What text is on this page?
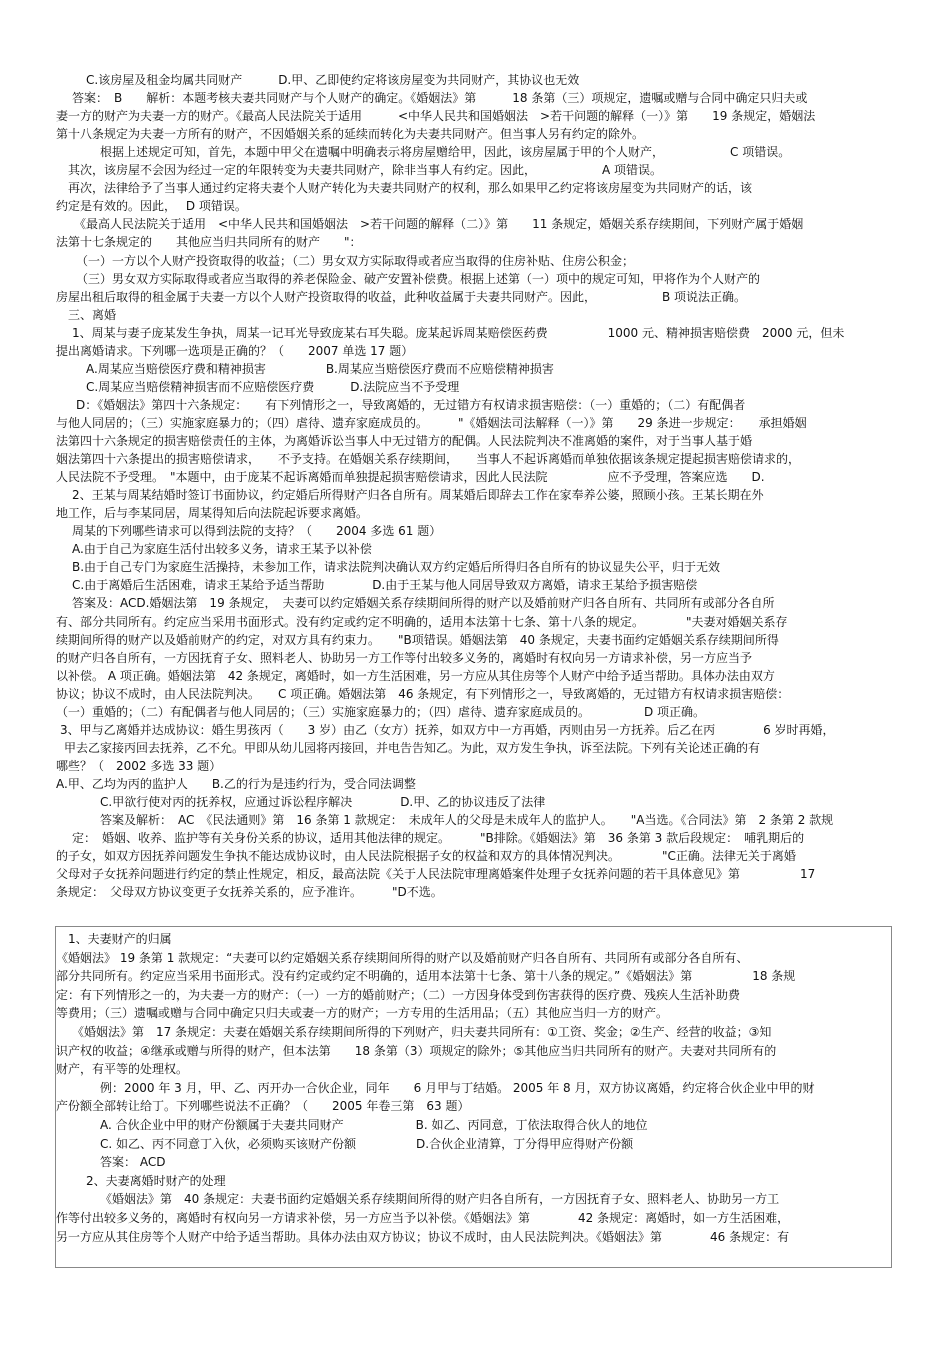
C.该房屋及租金均属共同财产　　　D.甲、乙即使约定将该房屋变为共同财产，其协议也无效
答案：　B　　解析：本题考核夫妻共同财产与个人财产的确定。《婚姻法》第　　　18 条第（三）项规定，遗嘱或赠与合同中确定只归夫或
妻一方的财产为夫妻一方的财产。《最高人民法院关于适用　　　<中华人民共和国婚姻法　>若干问题的解释（一）》第　　19 条规定，婚姻法
第十八条规定为夫妻一方所有的财产，不因婚姻关系的延续而转化为夫妻共同财产。但当事人另有约定的除外。
根据上述规定可知，首先，本题中甲父在遗嘱中明确表示将房屋赠给甲，因此，该房屋属于甲的个人财产，　　　　　　C 项错误。
其次，该房屋不会因为经过一定的年限转变为夫妻共同财产，除非当事人有约定。因此，　　　　　　A 项错误。
再次，法律给予了当事人通过约定将夫妻个人财产转化为夫妻共同财产的权利，那么如果甲乙约定将该房屋变为共同财产的话，该
约定是有效的。因此，　 D 项错误。
《最高人民法院关于适用　<中华人民共和国婚姻法　>若干问题的解释（二）》第　　11 条规定，婚姻关系存续期间，下列财产属于婚姻
法第十七条规定的　　其他应当归共同所有的财产　　"：
（一）一方以个人财产投资取得的收益；（二）男女双方实际取得或者应当取得的住房补贴、住房公积金；
（三）男女双方实际取得或者应当取得的养老保险金、破产安置补偿费。根据上述第（一）项中的规定可知，甲将作为个人财产的
房屋出租后取得的租金属于夫妻一方以个人财产投资取得的收益，此种收益属于夫妻共同财产。因此，　　　　　　B 项说法正确。
三、离婚
1、周某与妻子庞某发生争执，周某一记耳光导致庞某右耳失聪。庞某起诉周某赔偿医药费　　　　　1000 元、精神损害赔偿费　2000 元，但未
提出离婚请求。下列哪一选项是正确的？（　　2007 单选 17 题）
A.周某应当赔偿医疗费和精神损害　　　　　B.周某应当赔偿医疗费而不应赔偿精神损害
C.周某应当赔偿精神损害而不应赔偿医疗费　　　D.法院应当不予受理
D：《婚姻法》第四十六条规定：　　有下列情形之一，导致离婚的，无过错方有权请求损害赔偿：（一）重婚的；（二）有配偶者
与他人同居的；（三）实施家庭暴力的；（四）虐待、遗弃家庭成员的。　　　"《婚姻法司法解释（一）》第　　29 条进一步规定：　　承担婚姻
法第四十六条规定的损害赔偿责任的主体，为离婚诉讼当事人中无过错方的配偶。人民法院判决不准离婚的案件，对于当事人基于婚
姻法第四十六条提出的损害赔偿请求，　　不予支持。在婚姻关系存续期间，　　当事人不起诉离婚而单独依据该条规定提起损害赔偿请求的，
人民法院不予受理。　"本题中，由于庞某不起诉离婚而单独提起损害赔偿请求，因此人民法院　　　　　应不予受理，答案应选　　D.
2、王某与周某结婚时签订书面协议，约定婚后所得财产归各自所有。周某婚后即辞去工作在家奉养公婆，照顾小孩。王某长期在外
地工作，后与李某同居，周某得知后向法院起诉要求离婚。
周某的下列哪些请求可以得到法院的支持？（　　2004 多选 61 题）
A.由于自己为家庭生活付出较多义务，请求王某予以补偿
B.由于自己专门为家庭生活操持，未参加工作，请求法院判决确认双方约定婚后所得归各自所有的协议显失公平，归于无效
C.由于离婚后生活困难，请求王某给予适当帮助　　　　D.由于王某与他人同居导致双方离婚，请求王某给予损害赔偿
答案及：ACD.婚姻法第　19 条规定，　夫妻可以约定婚姻关系存续期间所得的财产以及婚前财产归各自所有、共同所有或部分各自所
有、部分共同所有。约定应当采用书面形式。没有约定或约定不明确的，适用本法第十七条、第十八条的规定。　　　　"夫妻对婚姻关系存
续期间所得的财产以及婚前财产的约定，对双方具有约束力。　　"B项错误。婚姻法第　40 条规定，夫妻书面约定婚姻关系存续期间所得
的财产归各自所有，一方因抚育子女、照料老人、协助另一方工作等付出较多义务的，离婚时有权向另一方请求补偿，另一方应当予
以补偿。 A 项正确。婚姻法第　42 条规定，离婚时，如一方生活困难，另一方应从其住房等个人财产中给予适当帮助。具体办法由双方
协议；协议不成时，由人民法院判决。　　C 项正确。婚姻法第　46 条规定，有下列情形之一，导致离婚的，无过错方有权请求损害赔偿：
（一）重婚的；（二）有配偶者与他人同居的；（三）实施家庭暴力的；（四）虐待、遗弃家庭成员的。　　　　　D 项正确。
3、甲与乙离婚并达成协议：婚生男孩丙（　　3 岁）由乙（女方）抚养，如双方中一方再婚，丙则由另一方抚养。后乙在丙　　　　6 岁时再婚，
甲去乙家接丙回去抚养，乙不允。甲即从幼儿园将丙接回，并电告告知乙。为此，双方发生争执，诉至法院。下列有关论述正确的有
哪些？（　2002 多选 33 题）
A.甲、乙均为丙的监护人　　B.乙的行为是违约行为，受合同法调整
C.甲欲行使对丙的抚养权，应通过诉讼程序解决　　　　D.甲、乙的协议违反了法律
答案及解析：　AC　《民法通则》第　16 条第 1 款规定：　未成年人的父母是未成年人的监护人。　　"A当选。《合同法》第　2 条第 2 款规
定：　婚姻、收养、监护等有关身份关系的协议，适用其他法律的规定。　　　"B排除。《婚姻法》第　36 条第 3 款后段规定：　哺乳期后的
的子女，如双方因抚养问题发生争执不能达成协议时，由人民法院根据子女的权益和双方的具体情况判决。　　　　"C正确。法律无关于离婚
父母对子女抚养问题进行约定的禁止性规定，相反，最高法院《关于人民法院审理离婚案件处理子女抚养问题的若干具体意见》第　　　　　17
条规定：　父母双方协议变更子女抚养关系的，应予准许。　　　"D不选。
1、夫妻财产的归属
《婚姻法》 19 条第 1 款规定：“夫妻可以约定婚姻关系存续期间所得的财产以及婚前财产归各自所有、共同所有或部分各自所有、
部分共同所有。约定应当采用书面形式。没有约定或约定不明确的，适用本法第十七条、第十八条的规定。”《婚姻法》第　　　　　18 条规
定：有下列情形之一的，为夫妻一方的财产：（一）一方的婚前财产；（二）一方因身体受到伤害获得的医疗费、残疾人生活补助费
等费用；（三）遗嘱或赠与合同中确定只归夫或妻一方的财产；一方专用的生活用品；（五）其他应当归一方的财产。
《婚姻法》第　17 条规定：夫妻在婚姻关系存续期间所得的下列财产，归夫妻共同所有：①工资、奖金；②生产、经营的收益；③知
识产权的收益；④继承或赠与所得的财产，但本法第　　18 条第（3）项规定的除外；⑤其他应当归共同所有的财产。夫妻对共同所有的
财产，有平等的处理权。
例：2000 年 3 月，甲、乙、丙开办一合伙企业，同年　　6 月甲与丁结婚。 2005 年 8 月，双方协议离婚，约定将合伙企业中甲的财
产份额全部转让给丁。下列哪些说法不正确？（　　2005 年卷三第　63 题）
A. 合伙企业中甲的财产份额属于夫妻共同财产　　　　　　B. 如乙、丙同意，丁依法取得合伙人的地位
C. 如乙、丙不同意丁入伙，必须购买该财产份额　　　　　D.合伙企业清算，丁分得甲应得财产份额
答案： ACD
2、夫妻离婚时财产的处理
《婚姻法》第　40 条规定：夫妻书面约定婚姻关系存续期间所得的财产归各自所有，一方因抚育子女、照料老人、协助另一方工
作等付出较多义务的，离婚时有权向另一方请求补偿，另一方应当予以补偿。《婚姻法》第　　　　42 条规定：离婚时，如一方生活困难，
另一方应从其住房等个人财产中给予适当帮助。具体办法由双方协议；协议不成时，由人民法院判决。《婚姻法》第　　　　46 条规定：有
